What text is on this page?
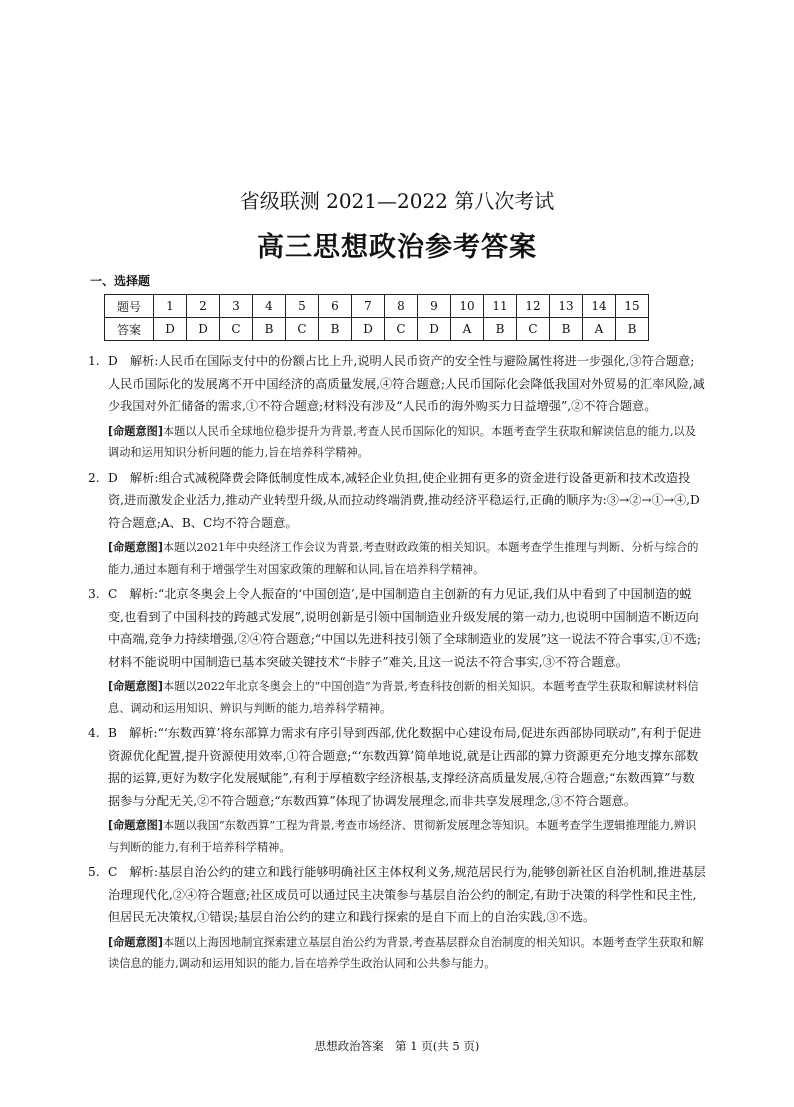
省级联测 2021—2022 第八次考试
高三思想政治参考答案
一、选择题
题号	1	2	3	4	5	6	7	8	9	10	11	12	13	14	15
答案	D	D	C	B	C	B	D	C	D	A	B	C	B	A	B

1. D　解析:人民币在国际支付中的份额占比上升,说明人民币资产的安全性与避险属性将进一步强化,③符合题意;人民币国际化的发展离不开中国经济的高质量发展,④符合题意;人民币国际化会降低我国对外贸易的汇率风险,减少我国对外汇储备的需求,①不符合题意;材料没有涉及“人民币的海外购买力日益增强”,②不符合题意。

[命题意图]本题以人民币全球地位稳步提升为背景,考查人民币国际化的知识。本题考查学生获取和解读信息的能力,以及调动和运用知识分析问题的能力,旨在培养科学精神。

2. D　解析:组合式减税降费会降低制度性成本,减轻企业负担,使企业拥有更多的资金进行设备更新和技术改造投资,进而激发企业活力,推动产业转型升级,从而拉动终端消费,推动经济平稳运行,正确的顺序为:③→②→①→④,D符合题意;A、B、C均不符合题意。

[命题意图]本题以2021年中央经济工作会议为背景,考查财政政策的相关知识。本题考查学生推理与判断、分析与综合的能力,通过本题有利于增强学生对国家政策的理解和认同,旨在培养科学精神。

3. C　解析:“北京冬奥会上令人振奋的‘中国创造’,是中国制造自主创新的有力见证,我们从中看到了中国制造的蜕变,也看到了中国科技的跨越式发展”,说明创新是引领中国制造业升级发展的第一动力,也说明中国制造不断迈向中高端,竞争力持续增强,②④符合题意;“中国以先进科技引领了全球制造业的发展”这一说法不符合事实,①不选;材料不能说明中国制造已基本突破关键技术“卡脖子”难关,且这一说法不符合事实,③不符合题意。

[命题意图]本题以2022年北京冬奥会上的“中国创造”为背景,考查科技创新的相关知识。本题考查学生获取和解读材料信息、调动和运用知识、辨识与判断的能力,培养科学精神。

4. B　解析:“‘东数西算’将东部算力需求有序引导到西部,优化数据中心建设布局,促进东西部协同联动”,有利于促进资源优化配置,提升资源使用效率,①符合题意;“‘东数西算’简单地说,就是让西部的算力资源更充分地支撑东部数据的运算,更好为数字化发展赋能”,有利于厚植数字经济根基,支撑经济高质量发展,④符合题意;“东数西算”与数据参与分配无关,②不符合题意;“东数西算”体现了协调发展理念,而非共享发展理念,③不符合题意。

[命题意图]本题以我国“东数西算”工程为背景,考查市场经济、贯彻新发展理念等知识。本题考查学生逻辑推理能力,辨识与判断的能力,有利于培养科学精神。

5. C　解析:基层自治公约的建立和践行能够明确社区主体权利义务,规范居民行为,能够创新社区自治机制,推进基层治理现代化,②④符合题意;社区成员可以通过民主决策参与基层自治公约的制定,有助于决策的科学性和民主性,但居民无决策权,①错误;基层自治公约的建立和践行探索的是自下而上的自治实践,③不选。

[命题意图]本题以上海因地制宜探索建立基层自治公约为背景,考查基层群众自治制度的相关知识。本题考查学生获取和解读信息的能力,调动和运用知识的能力,旨在培养学生政治认同和公共参与能力。

思想政治答案　第 1 页(共 5 页)
